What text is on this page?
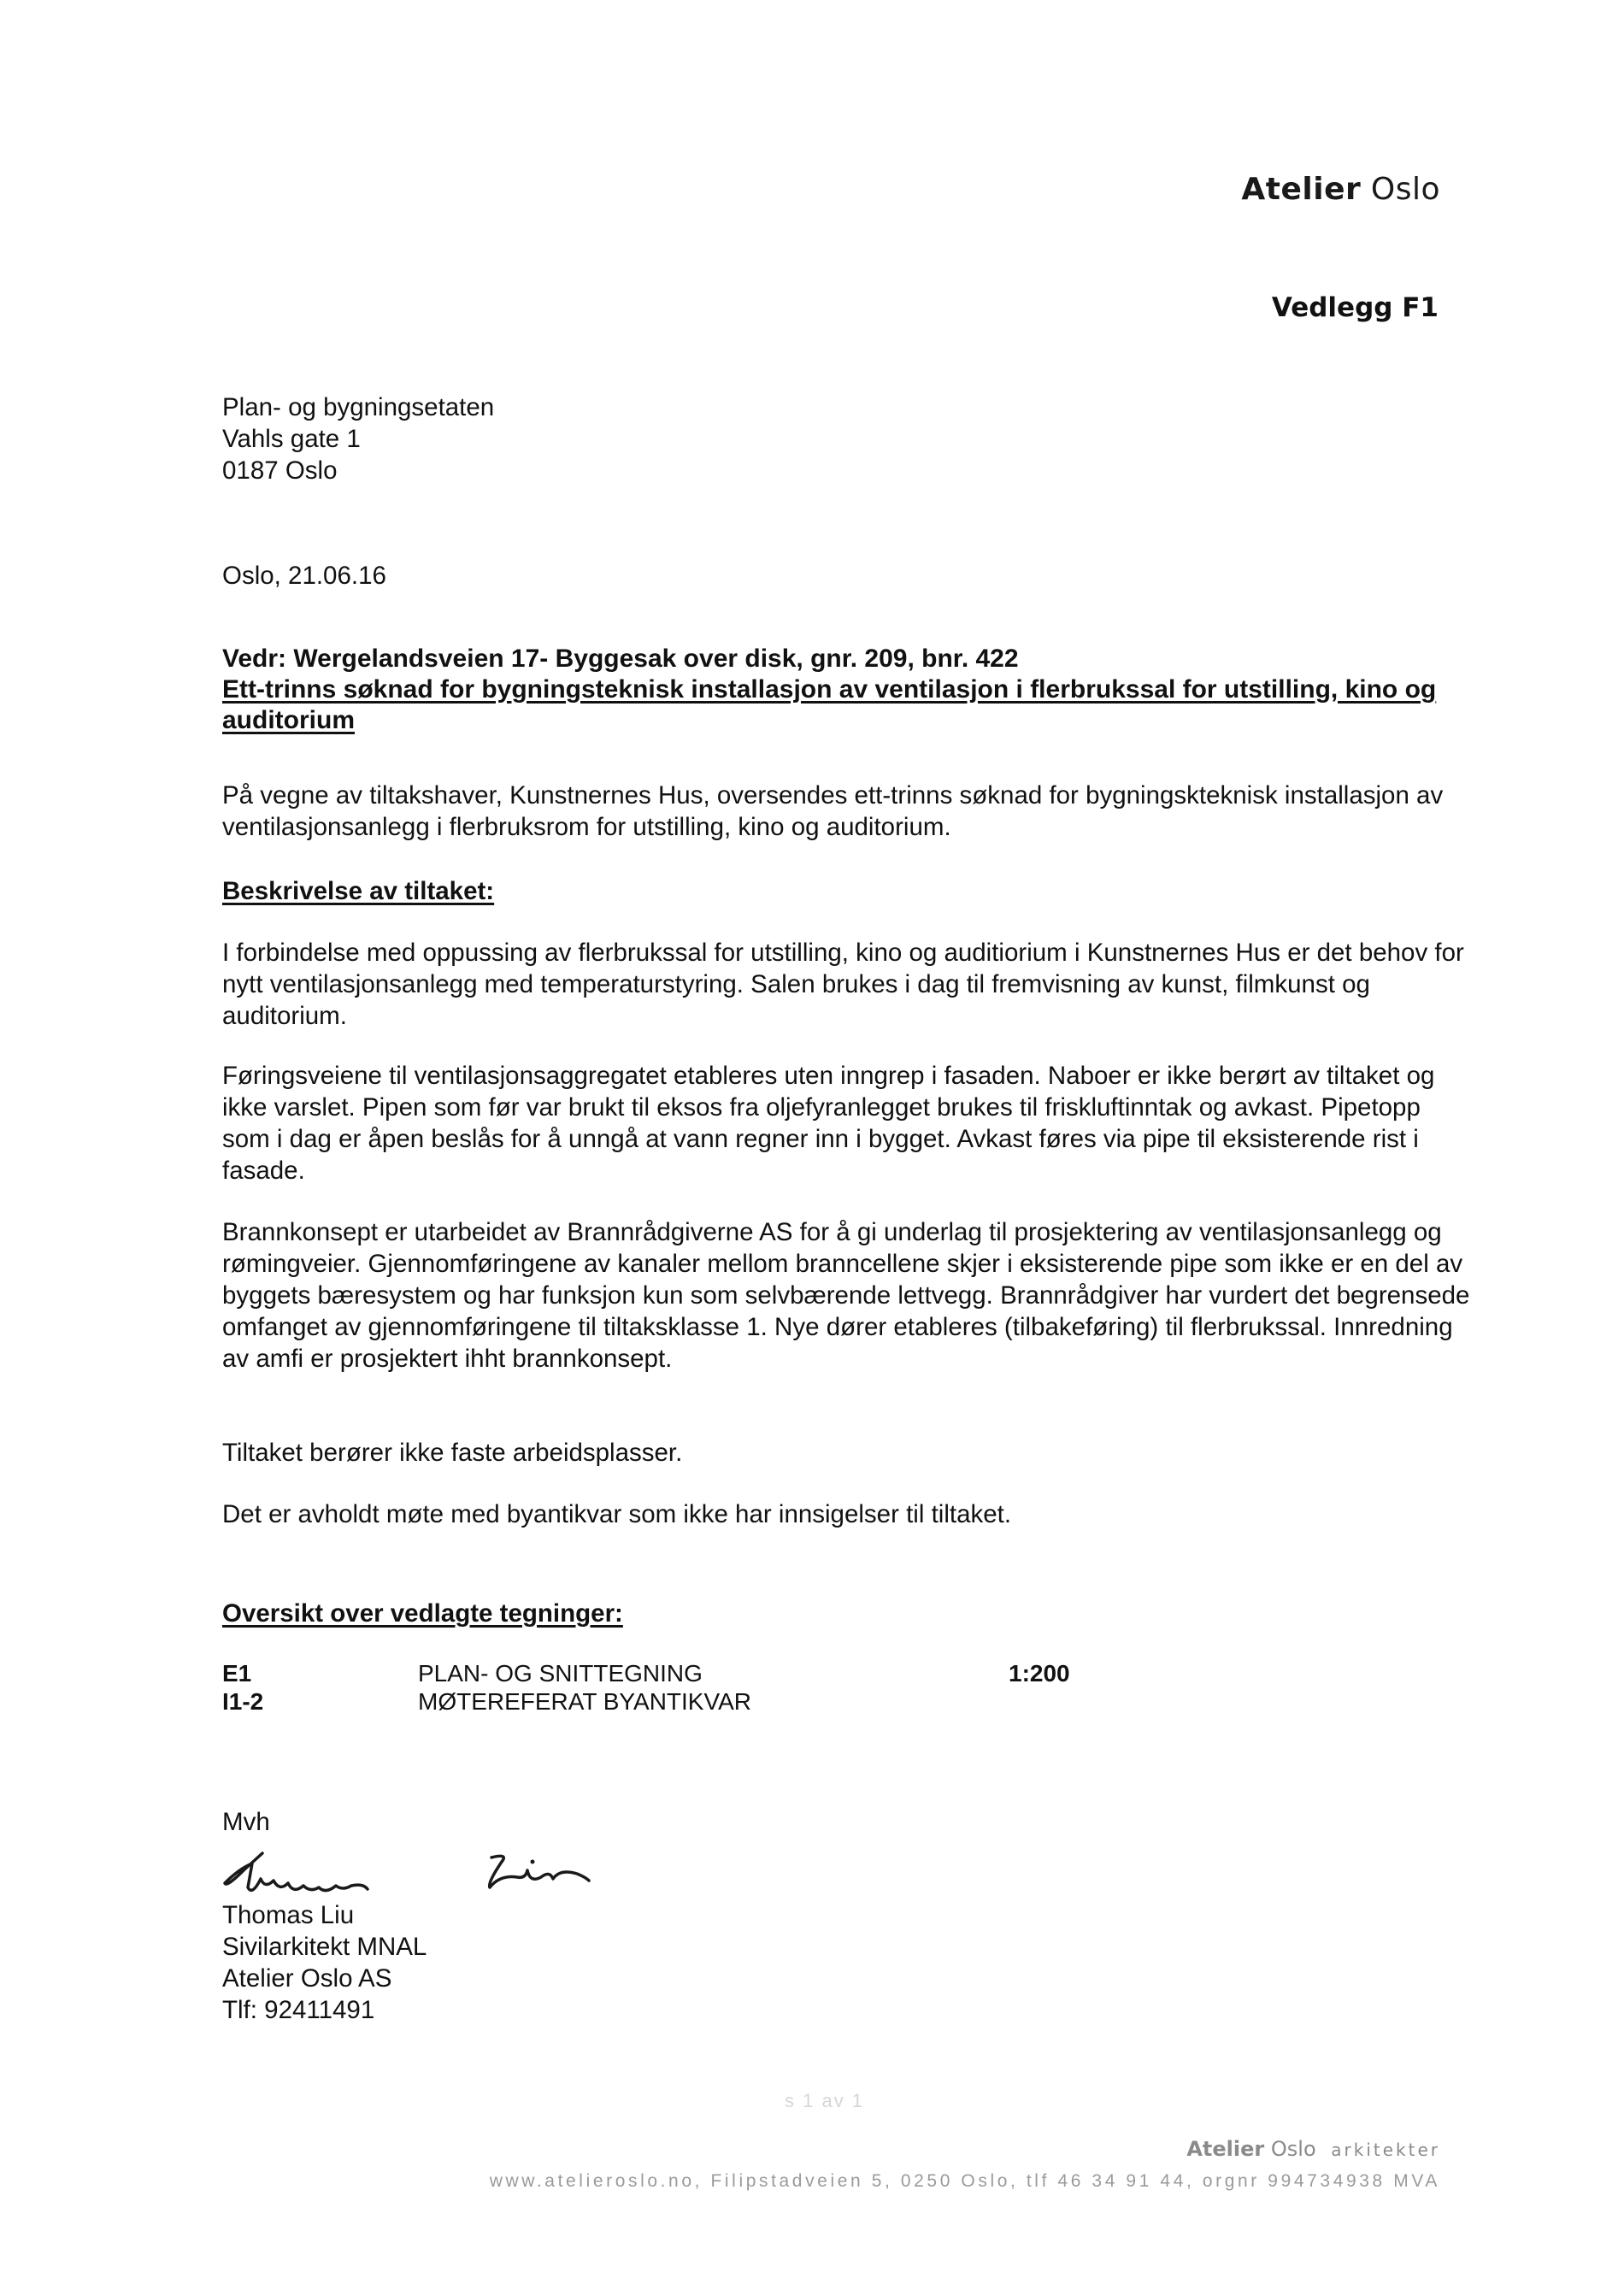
Atelier Oslo
Vedlegg F1

Plan- og bygningsetaten

Vahls gate 1

0187 Oslo

Oslo, 21.06.16

Vedr: Wergelandsveien 17- Byggesak over disk, gnr. 209, bnr. 422

Ett-trinns søknad for bygningsteknisk installasjon av ventilasjon i flerbrukssal for utstilling, kino og auditorium

På vegne av tiltakshaver, Kunstnernes Hus, oversendes ett-trinns søknad for bygningskteknisk installasjon av ventilasjonsanlegg i flerbruksrom for utstilling, kino og auditorium.
Beskrivelse av tiltaket:
I forbindelse med oppussing av flerbrukssal for utstilling, kino og auditiorium i Kunstnernes Hus er det behov for nytt ventilasjonsanlegg med temperaturstyring. Salen brukes i dag til fremvisning av kunst, filmkunst og auditorium.
Føringsveiene til ventilasjonsaggregatet etableres uten inngrep i fasaden. Naboer er ikke berørt av tiltaket og ikke varslet. Pipen som før var brukt til eksos fra oljefyranlegget brukes til friskluftinntak og avkast. Pipetopp som i dag er åpen beslås for å unngå at vann regner inn i bygget. Avkast føres via pipe til eksisterende rist i fasade.
Brannkonsept er utarbeidet av Brannrådgiverne AS for å gi underlag til prosjektering av ventilasjonsanlegg og rømingveier. Gjennomføringene av kanaler mellom branncellene skjer i eksisterende pipe som ikke er en del av byggets bæresystem og har funksjon kun som selvbærende lettvegg. Brannrådgiver har vurdert det begrensede omfanget av gjennomføringene til tiltaksklasse 1. Nye dører etableres (tilbakeføring) til flerbrukssal. Innredning av amfi er prosjektert ihht brannkonsept.
Tiltaket berører ikke faste arbeidsplasser.
Det er avholdt møte med byantikvar som ikke har innsigelser til tiltaket.
Oversikt over vedlagte tegninger:
E1	PLAN- OG SNITTEGNING	1:200
I1-2	MØTEREFERAT BYANTIKVAR
Mvh

Thomas Liu

Sivilarkitekt MNAL

Atelier Oslo AS

Tlf: 92411491

s 1 av 1
Atelier Oslo arkitekter
www.atelieroslo.no, Filipstadveien 5, 0250 Oslo, tlf 46 34 91 44, orgnr 994734938 MVA
